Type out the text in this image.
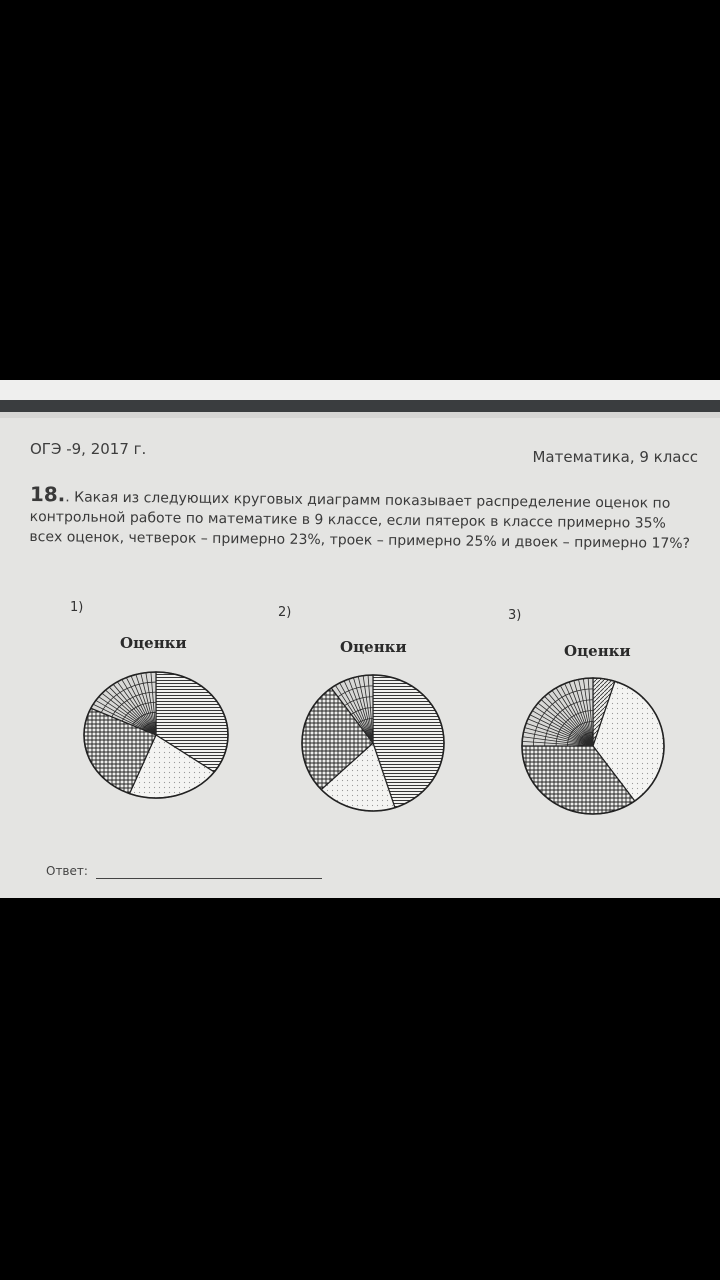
ОГЭ -9, 2017 г.	Математика, 9 класс
18.. Какая из следующих круговых диаграмм показывает распределение оценок по контрольной работе по математике в 9 классе, если пятерок в классе примерно 35% всех оценок, четверок – примерно 23%, троек – примерно 25% и двоек – примерно 17%?
1)	2)	3)
Оценки	Оценки	Оценки
Ответ:
